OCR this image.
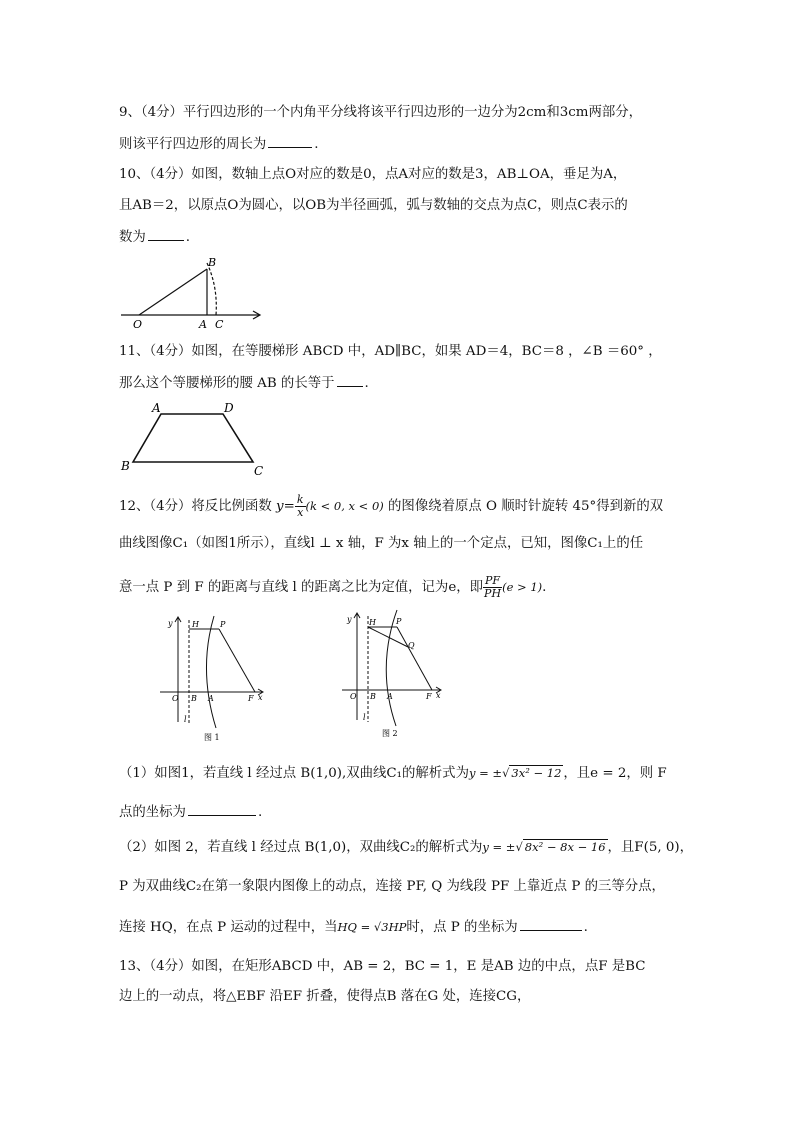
9、（4分）平行四边形的一个内角平分线将该平行四边形的一边分为2cm和3cm两部分，
则该平行四边形的周长为	.
10、（4分）如图，数轴上点O对应的数是0，点A对应的数是3，AB⊥OA，垂足为A，
且AB＝2，以原点O为圆心，以OB为半径画弧，弧与数轴的交点为点C，则点C表示的
数为	.
B
O	A C
11、（4分）如图，在等腰梯形 ABCD 中，AD∥BC，如果 AD＝4，BC＝8 ，∠B ＝60° ，
那么这个等腰梯形的腰 AB 的长等于 .
A	D
B	C
12、（4分）将反比例函数 $y= \frac{k}{x} (k < 0$, x < 0) 的图像绕着原点 O 顺时针旋转 45°得到新的双
曲线图像C₁（如图1所示），直线l ⊥ x 轴，F 为x 轴上的一个定点，已知，图像C₁上的任
意一点 P 到 F 的距离与直线 l 的距离之比为定值，记为e，即 $\frac{PF}{PH} (e > 1)$.
y H	P
O B A	F x
l
图 1
y H	P
Q
O B A	F x
l
图 2
（1）如图1，若直线 l 经过点 B(1,0),双曲线C₁的解析式为y = ±√ 3x² − 12 ，且e = 2，则 F
点的坐标为	.
（2）如图 2，若直线 l 经过点 B(1,0)，双曲线C₂的解析式为y = ±√ 8x² − 8x − 16 ，且F(5, 0)，
P 为双曲线C₂在第一象限内图像上的动点，连接 PF, Q 为线段 PF 上靠近点 P 的三等分点，
连接 HQ，在点 P 运动的过程中，当HQ = √3HP时，点 P 的坐标为	.
13、（4分）如图，在矩形ABCD 中，AB = 2，BC = 1，E 是AB 边的中点，点F 是BC
边上的一动点，将△EBF 沿EF 折叠，使得点B 落在G 处，连接CG，
